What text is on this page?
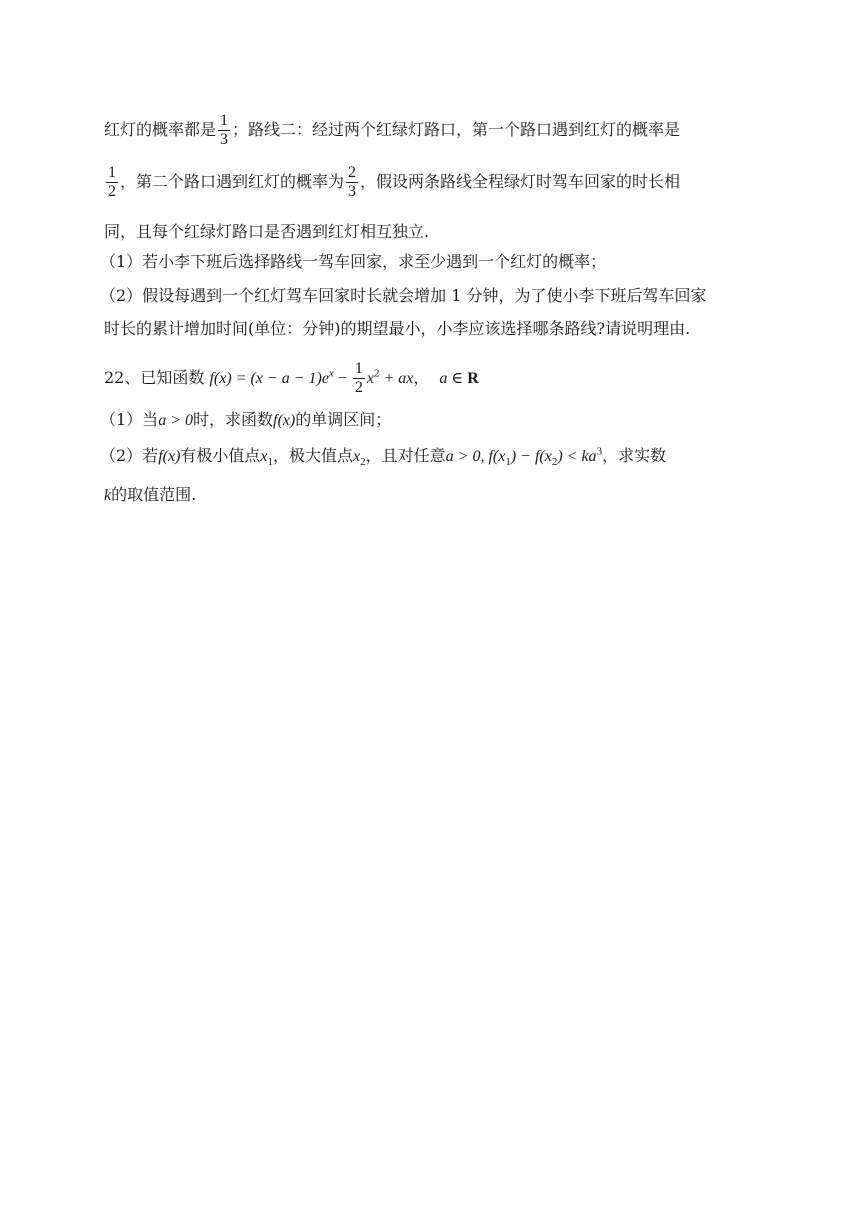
红灯的概率都是 $\frac{1}{3}$ ；路线二：经过两个红绿灯路口，第一个路口遇到红灯的概率是
$\frac{1}{2}$ ，第二个路口遇到红灯的概率为 $\frac{2}{3}$ ，假设两条路线全程绿灯时驾车回家的时长相
同，且每个红绿灯路口是否遇到红灯相互独立.
（1）若小李下班后选择路线一驾车回家，求至少遇到一个红灯的概率；
（2）假设每遇到一个红灯驾车回家时长就会增加 1 分钟，为了使小李下班后驾车回家
时长的累计增加时间(单位：分钟)的期望最小，小李应该选择哪条路线?请说明理由.
22、已知函数 $f(x) = (x - a - 1)e^x - \frac{1}{2} x^2$ + ax， a ∈ R
（1）当a > 0时，求函数f(x)的单调区间；
（2）若f(x)有极小值点$x_1$，极大值点$x_2$，且对任意a > 0, $f(x_1) - f(x_2) < ka^3$，求实数
k的取值范围.
